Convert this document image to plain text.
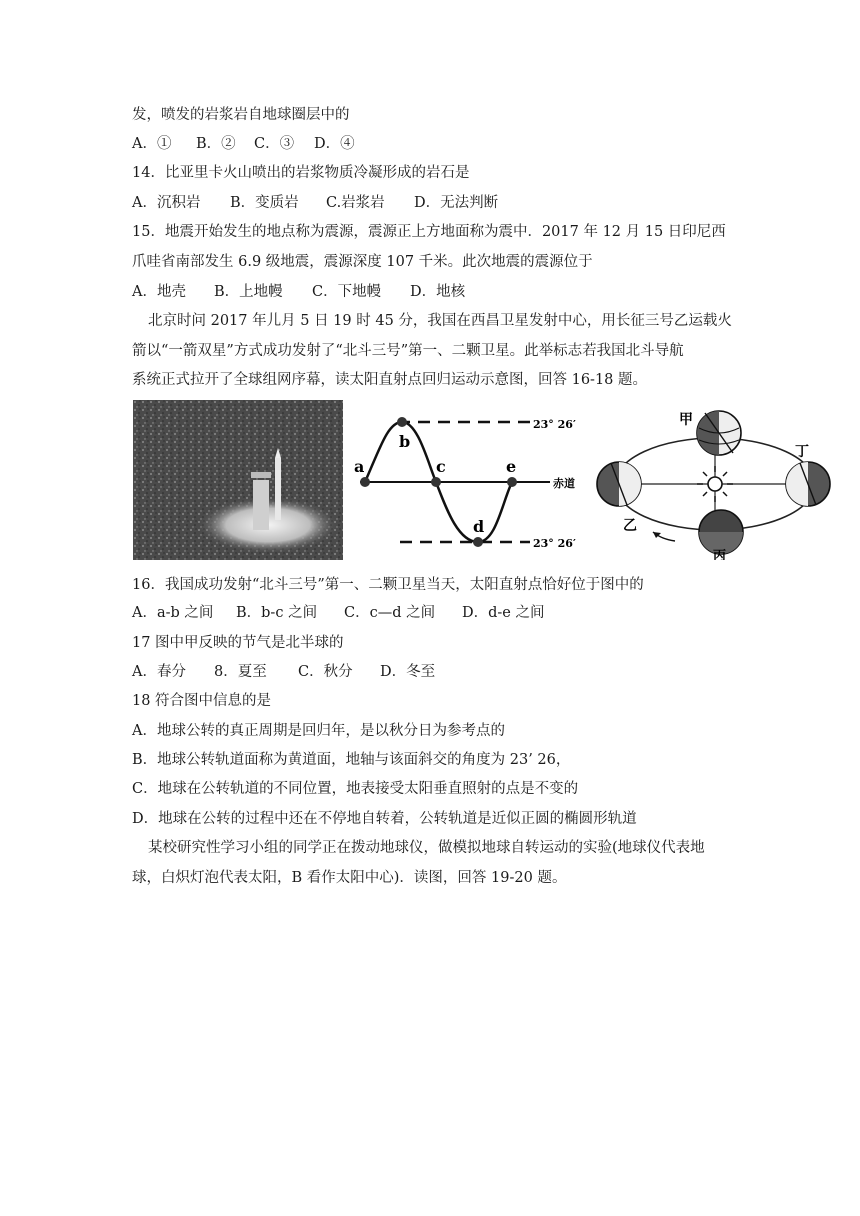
发，喷发的岩浆岩自地球圈层中的
A．① B．② C．③ D．④
14．比亚里卡火山喷出的岩浆物质冷凝形成的岩石是
A．沉积岩 B．变质岩 C.岩浆岩 D．无法判断
15．地震开始发生的地点称为震源，震源正上方地面称为震中．2017 年 12 月 15 日印尼西
爪哇省南部发生 6.9 级地震，震源深度 107 千米。此次地震的震源位于
A．地壳 B．上地幔 C．下地幔 D．地核
北京时问 2017 年儿月 5 日 19 时 45 分，我国在西昌卫星发射中心，用长征三号乙运载火
箭以“一箭双星”方式成功发射了“北斗三号”第一、二颗卫星。此举标志若我国北斗导航
系统正式拉开了全球组网序幕，读太阳直射点回归运动示意图，回答 16-18 题。
a
b
c
d
e
23° 26′
赤道
23° 26′
甲
乙
丙
丁
16．我国成功发射“北斗三号”第一、二颗卫星当天，太阳直射点恰好位于图中的
A．a-b 之间 B．b-c 之间 C．c—d 之间 D．d-e 之间
17 图中甲反映的节气是北半球的
A．春分 8．夏至 C．秋分 D．冬至
18 符合图中信息的是
A．地球公转的真正周期是回归年，是以秋分日为参考点的
B．地球公转轨道面称为黄道面，地轴与该面斜交的角度为 23’ 26，
C．地球在公转轨道的不同位置，地表接受太阳垂直照射的点是不变的
D．地球在公转的过程中还在不停地自转着，公转轨道是近似正圆的椭圆形轨道
某校研究性学习小组的同学正在拨动地球仪，做模拟地球自转运动的实验(地球仪代表地
球，白炽灯泡代表太阳，B 看作太阳中心)．读图，回答 19-20 题。
